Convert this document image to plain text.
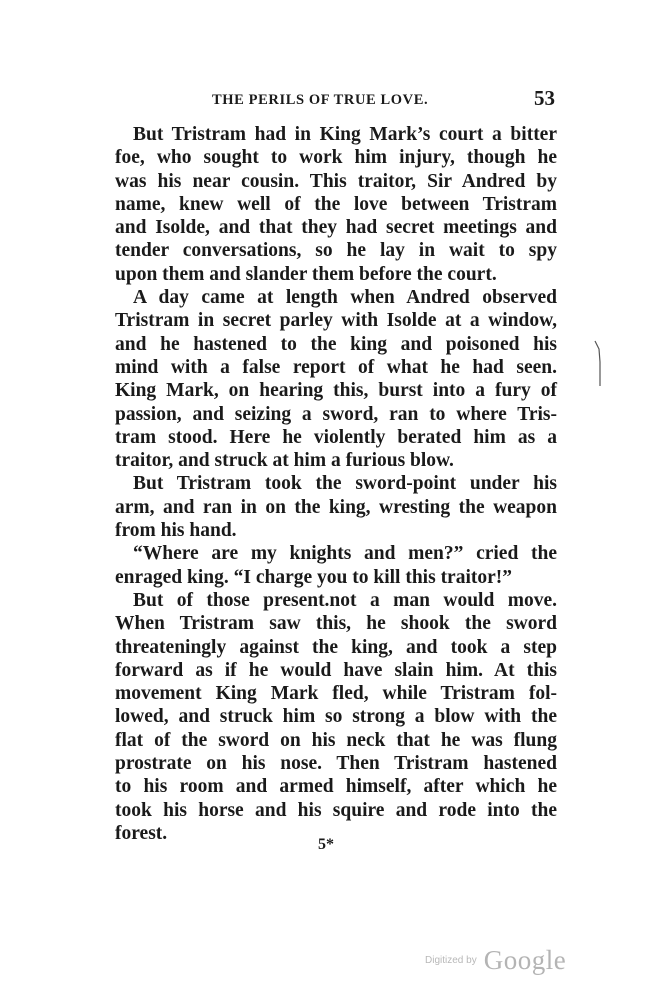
THE PERILS OF TRUE LOVE.	53
But Tristram had in King Mark’s court a bitter
foe, who sought to work him injury, though he
was his near cousin. This traitor, Sir Andred by
name, knew well of the love between Tristram
and Isolde, and that they had secret meetings and
tender conversations, so he lay in wait to spy
upon them and slander them before the court.
A day came at length when Andred observed
Tristram in secret parley with Isolde at a window,
and he hastened to the king and poisoned his
mind with a false report of what he had seen.
King Mark, on hearing this, burst into a fury of
passion, and seizing a sword, ran to where Tris-
tram stood. Here he violently berated him as a
traitor, and struck at him a furious blow.
But Tristram took the sword-point under his
arm, and ran in on the king, wresting the weapon
from his hand.
“Where are my knights and men?” cried the
enraged king. “I charge you to kill this traitor!”
But of those present.not a man would move.
When Tristram saw this, he shook the sword
threateningly against the king, and took a step
forward as if he would have slain him. At this
movement King Mark fled, while Tristram fol-
lowed, and struck him so strong a blow with the
flat of the sword on his neck that he was flung
prostrate on his nose. Then Tristram hastened
to his room and armed himself, after which he
took his horse and his squire and rode into the
forest.
5*
Digitized by Google
